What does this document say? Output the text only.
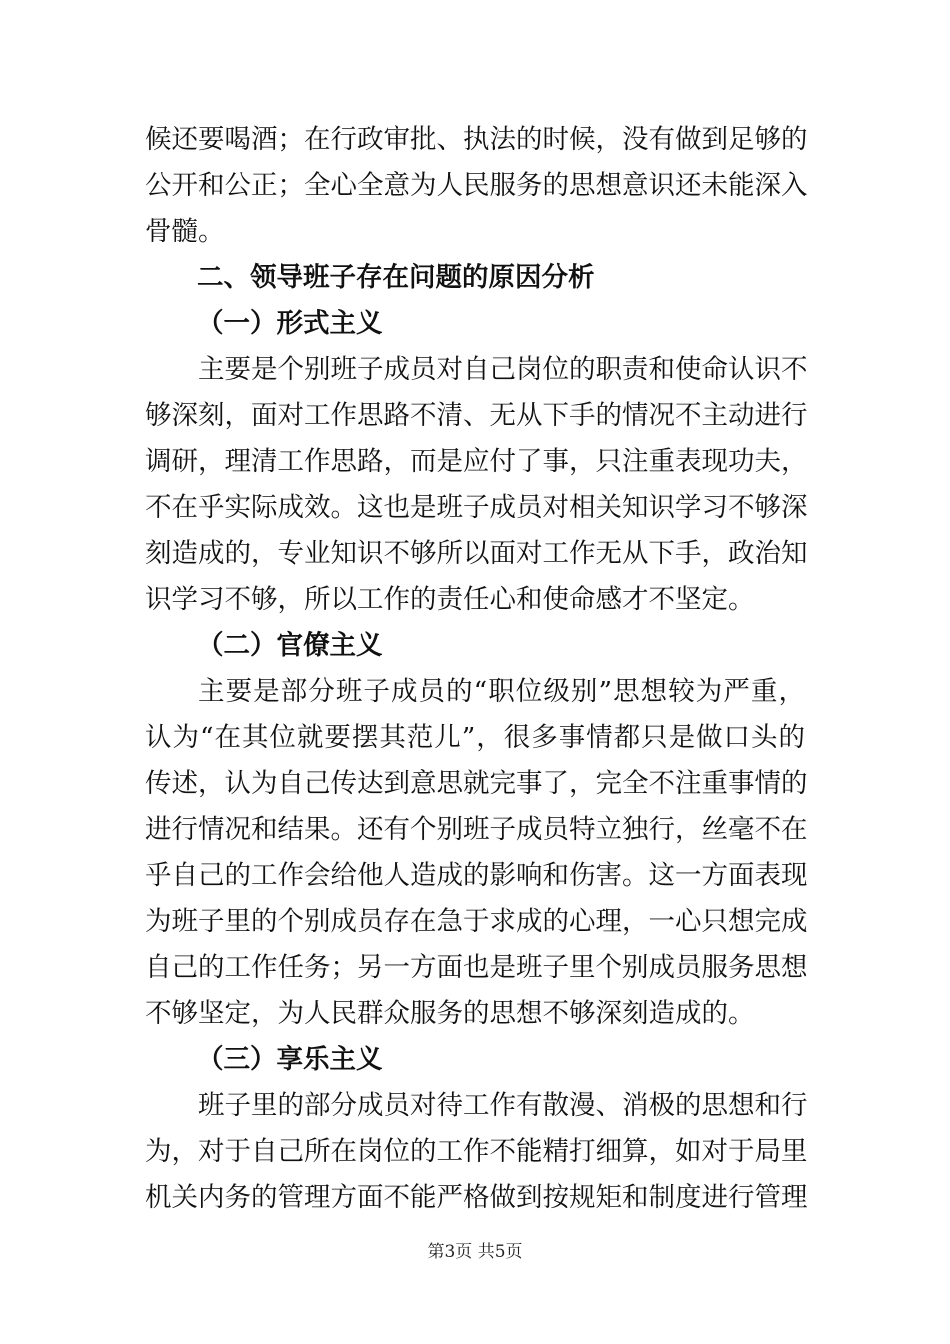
候还要喝酒；在行政审批、执法的时候，没有做到足够的
公开和公正；全心全意为人民服务的思想意识还未能深入
骨髓。
二、领导班子存在问题的原因分析
（一）形式主义
主要是个别班子成员对自己岗位的职责和使命认识不
够深刻，面对工作思路不清、无从下手的情况不主动进行
调研，理清工作思路，而是应付了事，只注重表现功夫，
不在乎实际成效。这也是班子成员对相关知识学习不够深
刻造成的，专业知识不够所以面对工作无从下手，政治知
识学习不够，所以工作的责任心和使命感才不坚定。
（二）官僚主义
主要是部分班子成员的“职位级别”思想较为严重，
认为“在其位就要摆其范儿”，很多事情都只是做口头的
传述，认为自己传达到意思就完事了，完全不注重事情的
进行情况和结果。还有个别班子成员特立独行，丝毫不在
乎自己的工作会给他人造成的影响和伤害。这一方面表现
为班子里的个别成员存在急于求成的心理，一心只想完成
自己的工作任务；另一方面也是班子里个别成员服务思想
不够坚定，为人民群众服务的思想不够深刻造成的。
（三）享乐主义
班子里的部分成员对待工作有散漫、消极的思想和行
为，对于自己所在岗位的工作不能精打细算，如对于局里
机关内务的管理方面不能严格做到按规矩和制度进行管理
第3页 共5页
